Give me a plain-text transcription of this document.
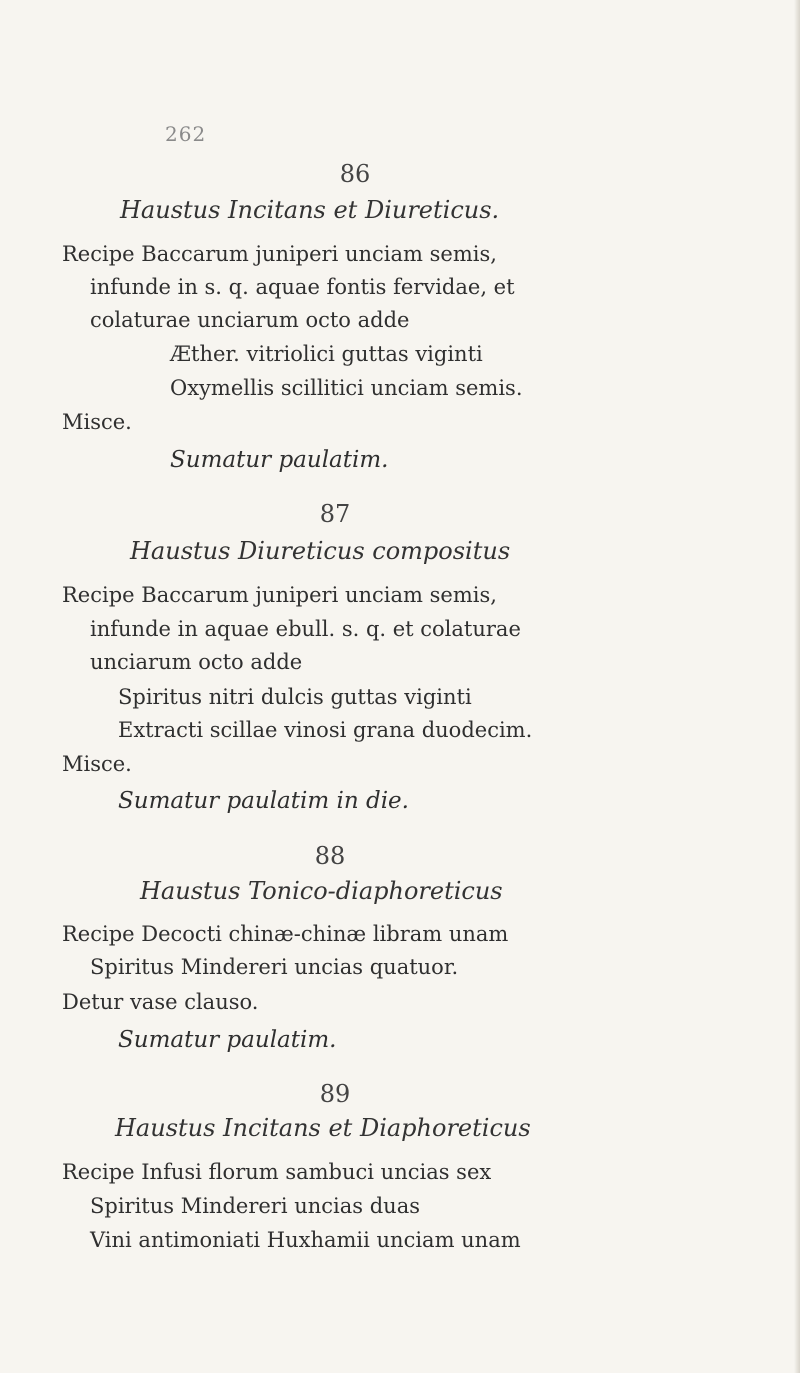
262
86
Haustus Incitans et Diureticus.
Recipe Baccarum juniperi unciam semis,
infunde in s. q. aquae fontis fervidae, et
colaturae unciarum octo adde
Æther. vitriolici guttas viginti
Oxymellis scillitici unciam semis.
Misce.
Sumatur paulatim.
87
Haustus Diureticus compositus
Recipe Baccarum juniperi unciam semis,
infunde in aquae ebull. s. q. et colaturae
unciarum octo adde
Spiritus nitri dulcis guttas viginti
Extracti scillae vinosi grana duodecim.
Misce.
Sumatur paulatim in die.
88
Haustus Tonico-diaphoreticus
Recipe Decocti chinæ-chinæ libram unam
Spiritus Mindereri uncias quatuor.
Detur vase clauso.
Sumatur paulatim.
89
Haustus Incitans et Diaphoreticus
Recipe Infusi florum sambuci uncias sex
Spiritus Mindereri uncias duas
Vini antimoniati Huxhamii unciam unam
